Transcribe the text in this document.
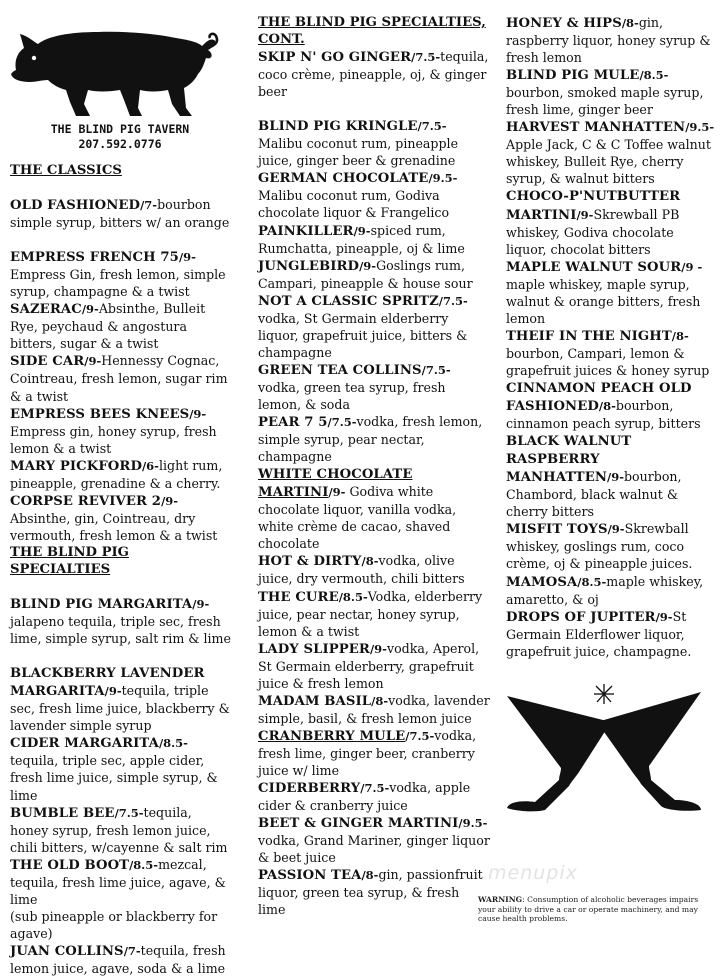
THE BLIND PIG TAVERN
207.592.0776

THE CLASSICS

OLD FASHIONED/7-bourbon simple syrup, bitters w/ an orange

EMPRESS FRENCH 75/9-Empress Gin, fresh lemon, simple syrup, champagne & a twist

SAZERAC/9-Absinthe, Bulleit Rye, peychaud & angostura bitters, sugar & a twist

SIDE CAR/9-Hennessy Cognac, Cointreau, fresh lemon, sugar rim & a twist

EMPRESS BEES KNEES/9-Empress gin, honey syrup, fresh lemon & a twist

MARY PICKFORD/6-light rum, pineapple, grenadine & a cherry.

CORPSE REVIVER 2/9-Absinthe, gin, Cointreau, dry vermouth, fresh lemon & a twist

THE BLIND PIG SPECIALTIES

BLIND PIG MARGARITA/9-jalapeno tequila, triple sec, fresh lime, simple syrup, salt rim & lime

BLACKBERRY LAVENDER MARGARITA/9-tequila, triple sec, fresh lime juice, blackberry & lavender simple syrup

CIDER MARGARITA/8.5-tequila, triple sec, apple cider, fresh lime juice, simple syrup, & lime

BUMBLE BEE/7.5-tequila, honey syrup, fresh lemon juice, chili bitters, w/cayenne & salt rim

THE OLD BOOT/8.5-mezcal, tequila, fresh lime juice, agave, & lime

(sub pineapple or blackberry for agave)

JUAN COLLINS/7-tequila, fresh lemon juice, agave, soda & a lime

THE BLIND PIG SPECIALTIES, CONT.

SKIP N' GO GINGER/7.5-tequila, coco crème, pineapple, oj, & ginger beer

BLIND PIG KRINGLE/7.5-Malibu coconut rum, pineapple juice, ginger beer & grenadine

GERMAN CHOCOLATE/9.5-Malibu coconut rum, Godiva chocolate liquor & Frangelico

PAINKILLER/9-spiced rum, Rumchatta, pineapple, oj & lime

JUNGLEBIRD/9-Goslings rum, Campari, pineapple & house sour

NOT A CLASSIC SPRITZ/7.5-vodka, St Germain elderberry liquor, grapefruit juice, bitters & champagne

GREEN TEA COLLINS/7.5-vodka, green tea syrup, fresh lemon, & soda

PEAR 7 5/7.5-vodka, fresh lemon, simple syrup, pear nectar, champagne

WHITE CHOCOLATE MARTINI/9- Godiva white chocolate liquor, vanilla vodka, white crème de cacao, shaved chocolate

HOT & DIRTY/8-vodka, olive juice, dry vermouth, chili bitters

THE CURE/8.5-Vodka, elderberry juice, pear nectar, honey syrup, lemon & a twist

LADY SLIPPER/9-vodka, Aperol, St Germain elderberry, grapefruit juice & fresh lemon

MADAM BASIL/8-vodka, lavender simple, basil, & fresh lemon juice

CRANBERRY MULE/7.5-vodka, fresh lime, ginger beer, cranberry juice w/ lime

CIDERBERRY/7.5-vodka, apple cider & cranberry juice

BEET & GINGER MARTINI/9.5-vodka, Grand Mariner, ginger liquor & beet juice

PASSION TEA/8-gin, passionfruit liquor, green tea syrup, & fresh lime

HONEY & HIPS/8-gin, raspberry liquor, honey syrup & fresh lemon

BLIND PIG MULE/8.5-bourbon, smoked maple syrup, fresh lime, ginger beer

HARVEST MANHATTEN/9.5-Apple Jack, C & C Toffee walnut whiskey, Bulleit Rye, cherry syrup, & walnut bitters

CHOCO-P'NUTBUTTER MARTINI/9-Skrewball PB whiskey, Godiva chocolate liquor, chocolat bitters

MAPLE WALNUT SOUR/9 - maple whiskey, maple syrup, walnut & orange bitters, fresh lemon

THEIF IN THE NIGHT/8-bourbon, Campari, lemon & grapefruit juices & honey syrup

CINNAMON PEACH OLD FASHIONED/8-bourbon, cinnamon peach syrup, bitters

BLACK WALNUT RASPBERRY MANHATTEN/9-bourbon, Chambord, black walnut & cherry bitters

MISFIT TOYS/9-Skrewball whiskey, goslings rum, coco crème, oj & pineapple juices.

MAMOSA/8.5-maple whiskey, amaretto, & oj

DROPS OF JUPITER/9-St Germain Elderflower liquor, grapefruit juice, champagne.

menupix
WARNING: Consumption of alcoholic beverages impairs your ability to drive a car or operate machinery, and may cause health problems.
